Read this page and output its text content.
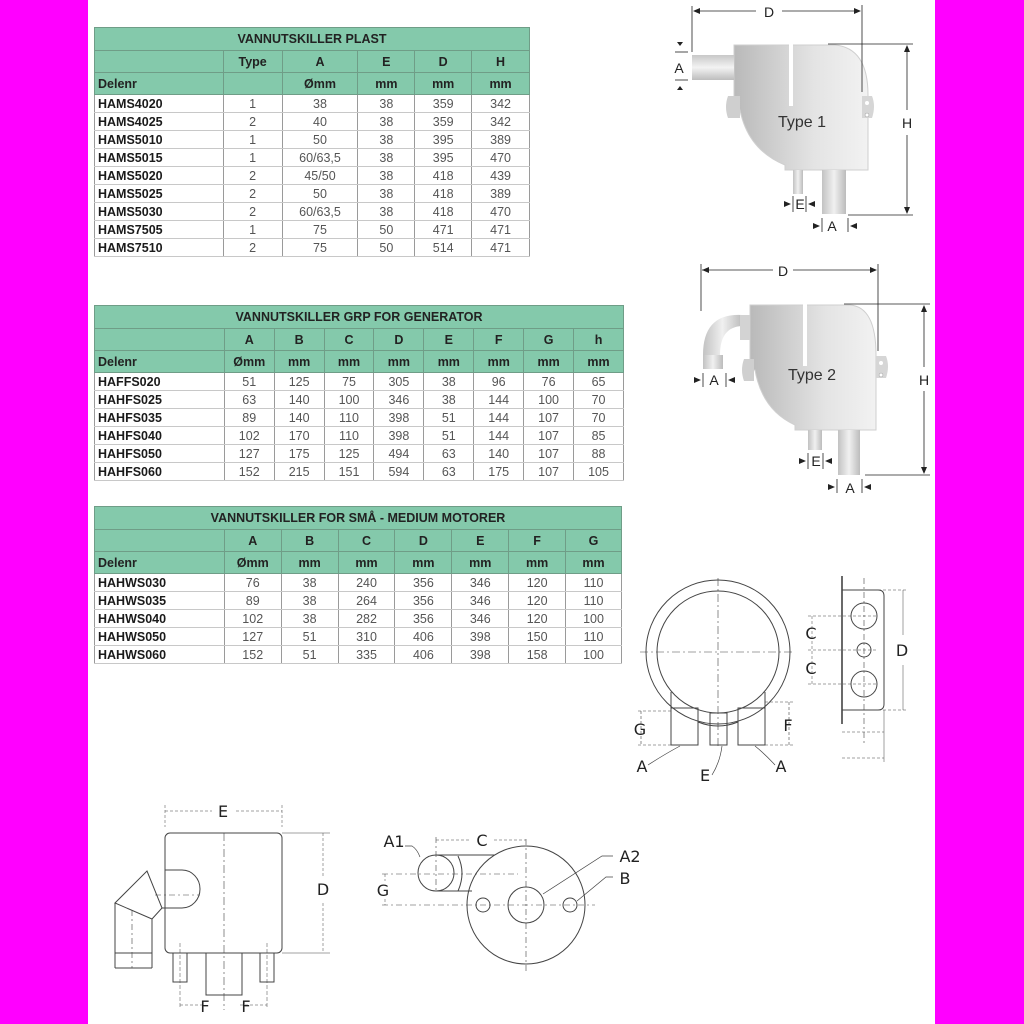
VANNUTSKILLER PLAST					
	Type	A	E	D	H
Delenr		Ømm	mm	mm	mm
HAMS4020	1	38	38	359	342
HAMS4025	2	40	38	359	342
HAMS5010	1	50	38	395	389
HAMS5015	1	60/63,5	38	395	470
HAMS5020	2	45/50	38	418	439
HAMS5025	2	50	38	418	389
HAMS5030	2	60/63,5	38	418	470
HAMS7505	1	75	50	471	471
HAMS7510	2	75	50	514	471
VANNUTSKILLER GRP FOR GENERATOR								
	A	B	C	D	E	F	G	h
Delenr	Ømm	mm	mm	mm	mm	mm	mm	mm
HAFFS020	51	125	75	305	38	96	76	65
HAHFS025	63	140	100	346	38	144	100	70
HAHFS035	89	140	110	398	51	144	107	70
HAHFS040	102	170	110	398	51	144	107	85
HAHFS050	127	175	125	494	63	140	107	88
HAHFS060	152	215	151	594	63	175	107	105
VANNUTSKILLER FOR SMÅ - MEDIUM MOTORER							
	A	B	C	D	E	F	G
Delenr	Ømm	mm	mm	mm	mm	mm	mm
HAHWS030	76	38	240	356	346	120	110
HAHWS035	89	38	264	356	346	120	110
HAHWS040	102	38	282	356	346	120	100
HAHWS050	127	51	310	406	398	150	110
HAHWS060	152	51	335	406	398	158	100
Type 1
D
A
H
E
A
Type 2
D
A	H
E
A
G	F
A	E	A
C
C
D
E
D
F F
A1	C
A2
B
G
